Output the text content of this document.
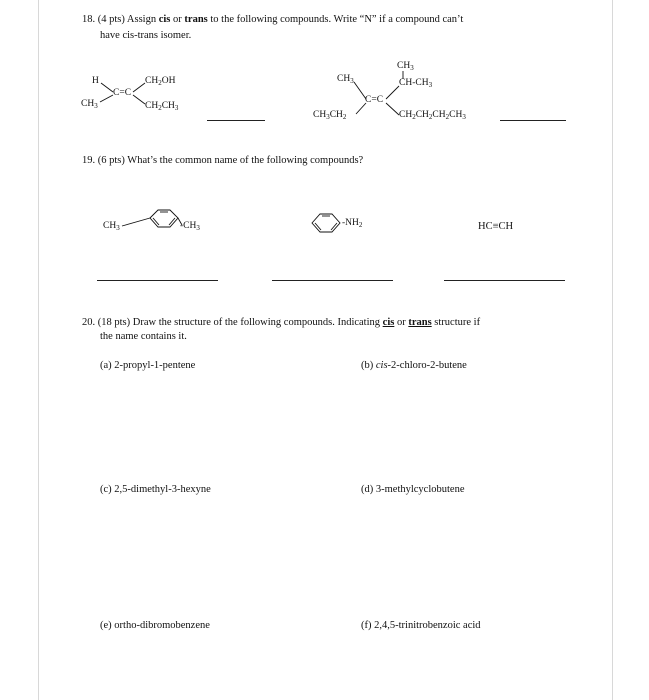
18. (4 pts) Assign cis or trans to the following compounds. Write “N” if a compound can’t
have cis-trans isomer.
H
$CH_3$
C=C
$CH_2OH$
$CH_2CH_3$
$CH_3$
$CH_3$
$CH-CH_3$
C=C
$CH_3CH_2$	$CH_2CH_2CH_2CH_3$
19. (6 pts) What’s the common name of the following compounds?
$CH_3$	$-CH_3$	$-NH_2$	HC≡CH
20. (18 pts) Draw the structure of the following compounds. Indicating cis or trans structure if
the name contains it.
(a) 2-propyl-1-pentene	(b) cis-2-chloro-2-butene
(c) 2,5-dimethyl-3-hexyne	(d) 3-methylcyclobutene
(e) ortho-dibromobenzene	(f) 2,4,5-trinitrobenzoic acid
